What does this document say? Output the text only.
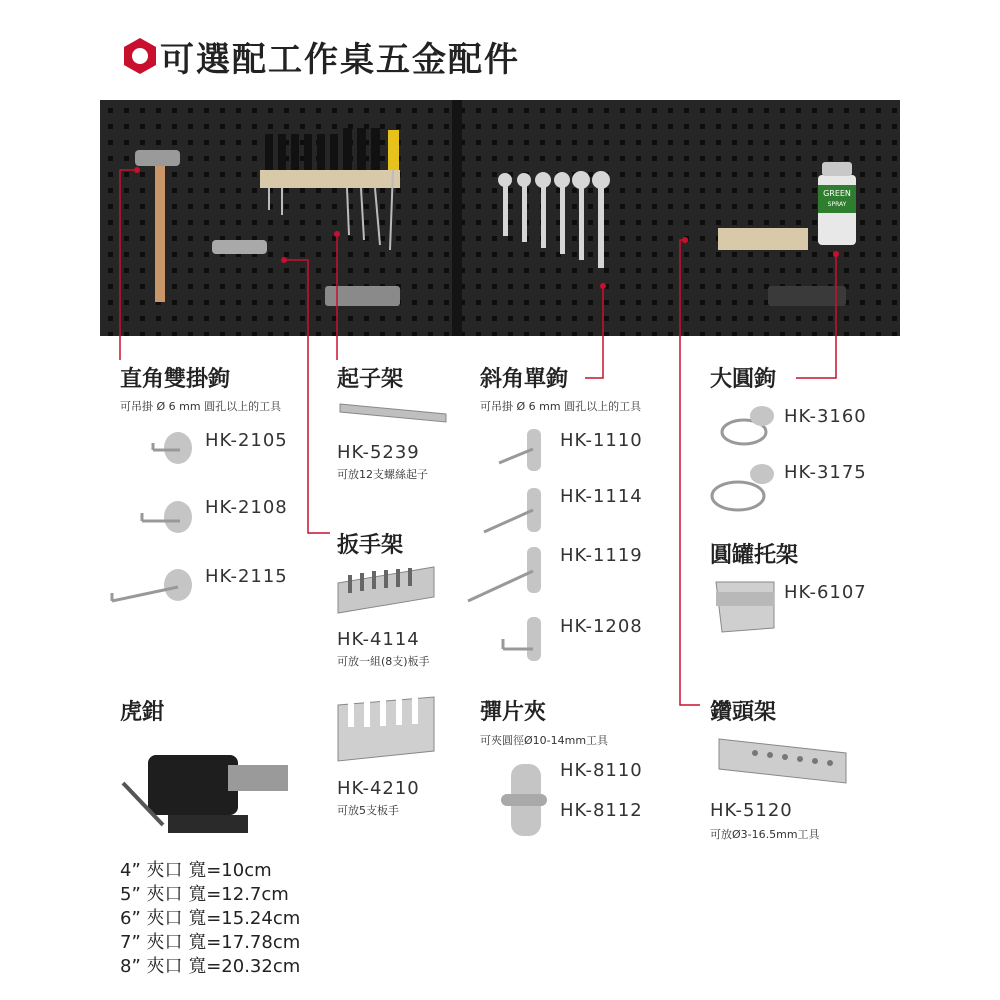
可選配工作桌五金配件
GREEN
SPRAY
直角雙掛鉤
可吊掛 Ø 6 mm 圓孔以上的工具
HK-2105
HK-2108
HK-2115
虎鉗
4” 夾口 寬=10cm
5” 夾口 寬=12.7cm
6” 夾口 寬=15.24cm
7” 夾口 寬=17.78cm
8” 夾口 寬=20.32cm
起子架
HK-5239
可放12支螺絲起子
扳手架
HK-4114
可放一組(8支)板手
HK-4210
可放5支板手
斜角單鉤
可吊掛 Ø 6 mm 圓孔以上的工具
HK-1110
HK-1114
HK-1119
HK-1208
彈片夾
可夾圓徑Ø10-14mm工具
HK-8110
HK-8112
大圓鉤
HK-3160
HK-3175
圓罐托架
HK-6107
鑽頭架
HK-5120
可放Ø3-16.5mm工具
